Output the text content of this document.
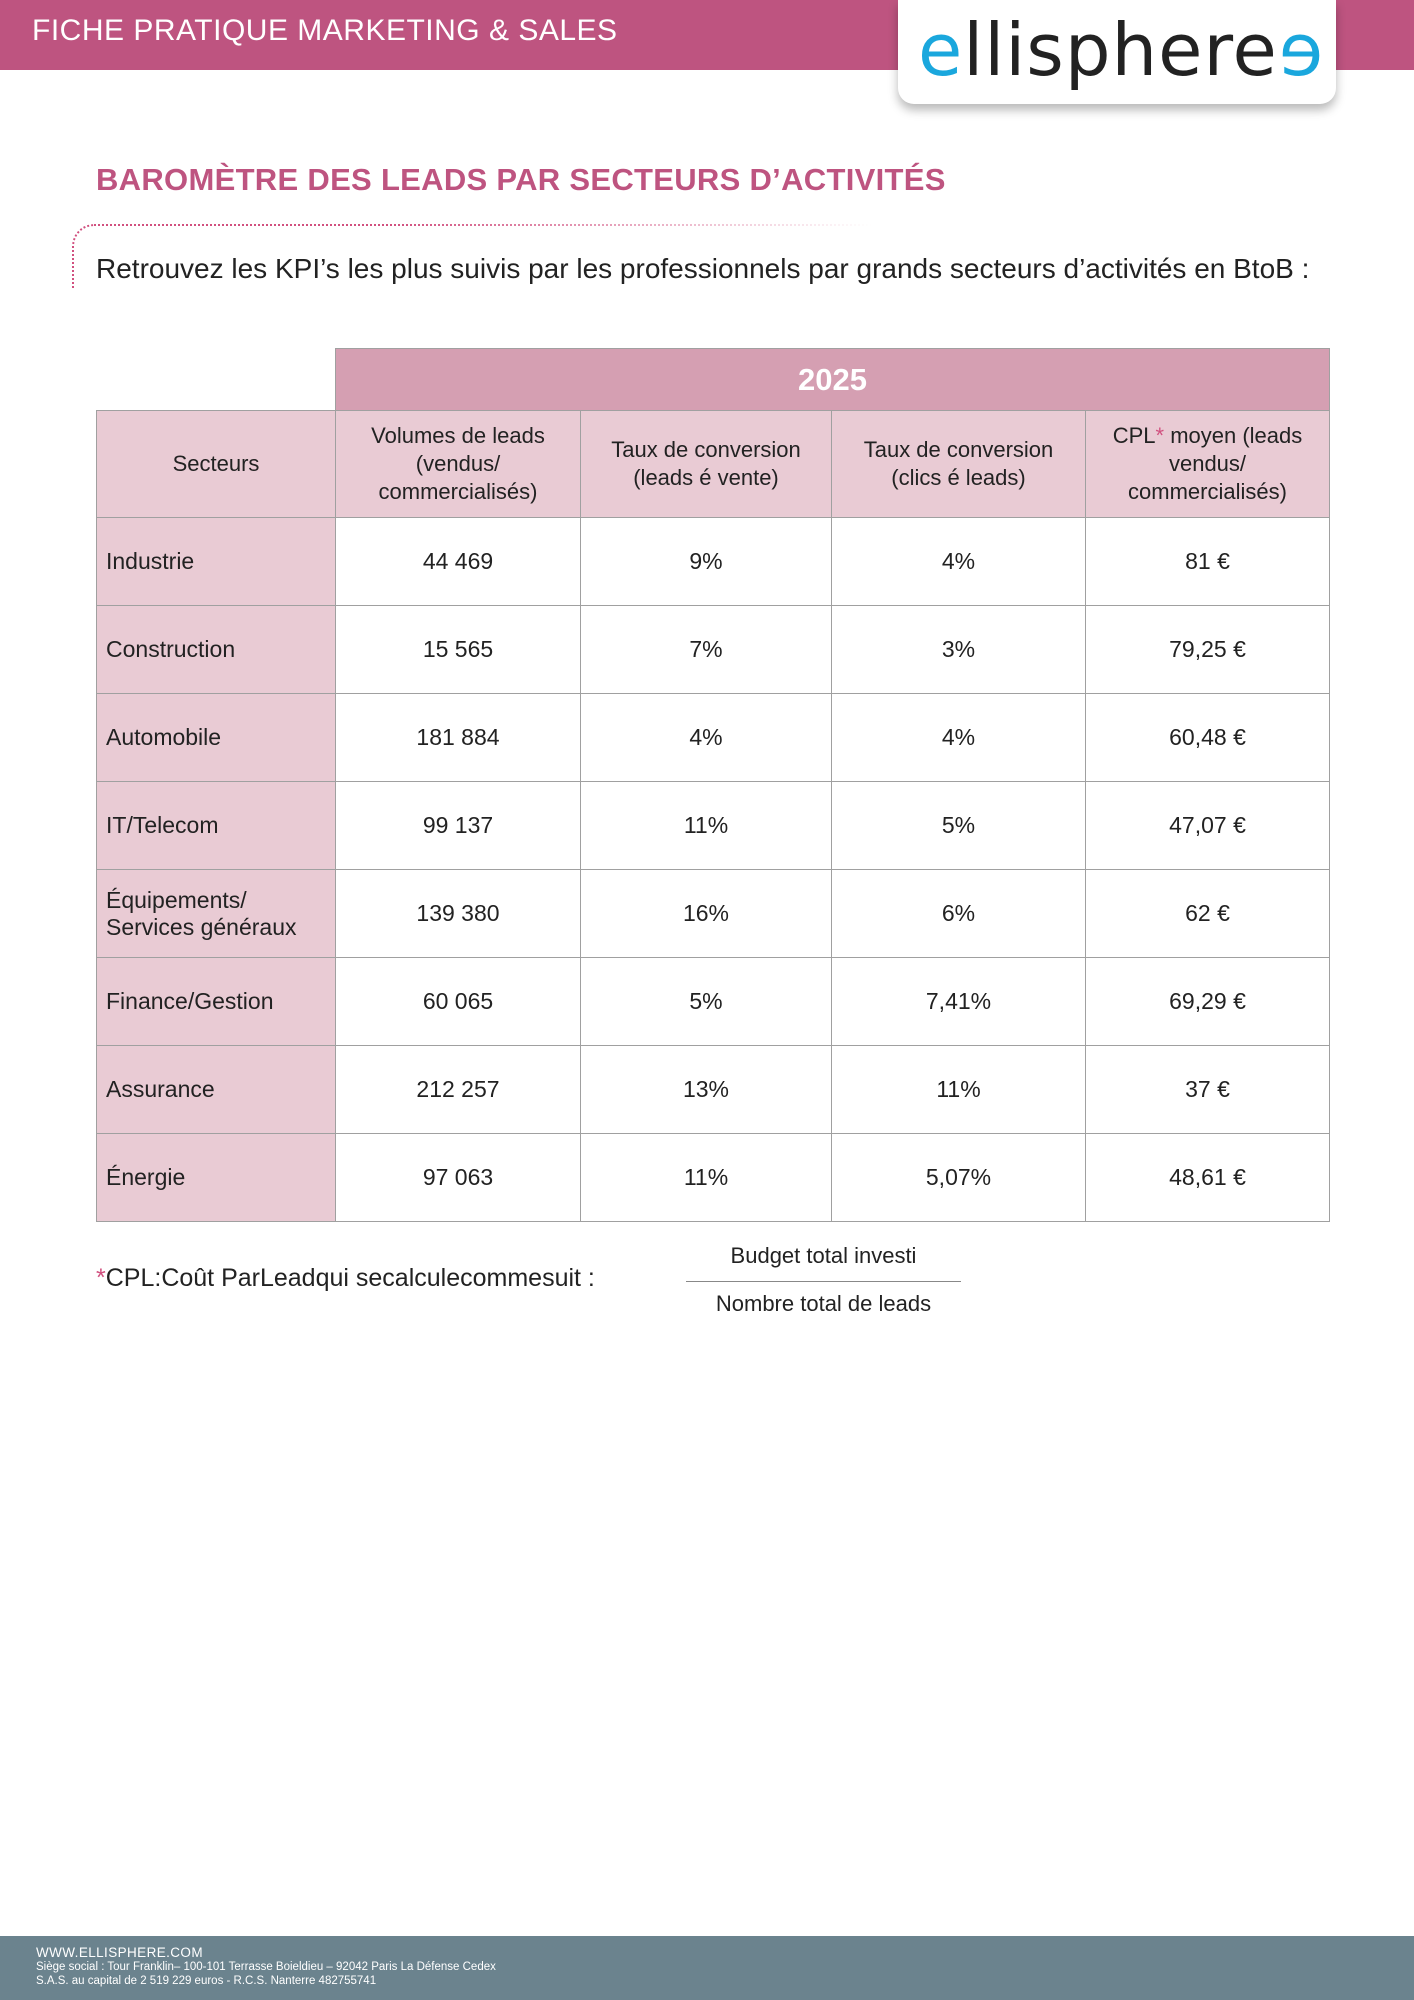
FICHE PRATIQUE MARKETING & SALES	ellispheree
BAROMÈTRE DES LEADS PAR SECTEURS D’ACTIVITÉS

Retrouvez les KPI’s les plus suivis par les professionnels par grands secteurs d’activités en BtoB :

	2025			
Secteurs	Volumes de leads (vendus/ commercialisés)	Taux de conversion (leads é vente)	Taux de conversion (clics é leads)	CPL* moyen (leads vendus/ commercialisés)
Industrie	44 469	9%	4%	81 €
Construction	15 565	7%	3%	79,25 €
Automobile	181 884	4%	4%	60,48 €
IT/Telecom	99 137	11%	5%	47,07 €
Équipements/ Services généraux	139 380	16%	6%	62 €
Finance/Gestion	60 065	5%	7,41%	69,29 €
Assurance	212 257	13%	11%	37 €
Énergie	97 063	11%	5,07%	48,61 €
*CPL:Coût ParLeadqui secalculecommesuit :
Budget total investi
Nombre total de leads
WWW.ELLISPHERE.COM
Siège social : Tour Franklin– 100-101 Terrasse Boieldieu – 92042 Paris La Défense Cedex
S.A.S. au capital de 2 519 229 euros - R.C.S. Nanterre 482755741
